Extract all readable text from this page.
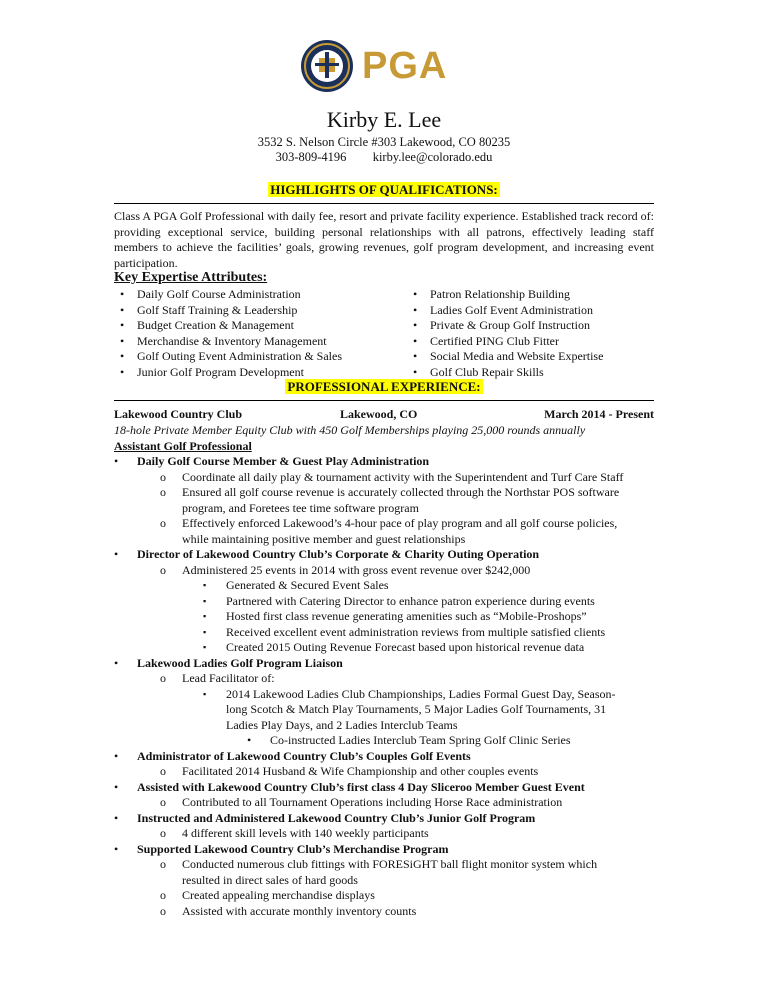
PGA
Kirby E. Lee
3532 S. Nelson Circle #303 Lakewood, CO 80235
303-809-4196 kirby.lee@colorado.edu
HIGHLIGHTS OF QUALIFICATIONS:
Class A PGA Golf Professional with daily fee, resort and private facility experience. Established track record of: providing exceptional service, building personal relationships with all patrons, effectively leading staff members to achieve the facilities’ goals, growing revenues, golf program development, and increasing event participation.
Key Expertise Attributes:
• Daily Golf Course Administration
• Golf Staff Training & Leadership
• Budget Creation & Management
• Merchandise & Inventory Management
• Golf Outing Event Administration & Sales
• Junior Golf Program Development
• Patron Relationship Building
• Ladies Golf Event Administration
• Private & Group Golf Instruction
• Certified PING Club Fitter
• Social Media and Website Expertise
• Golf Club Repair Skills
PROFESSIONAL EXPERIENCE:
Lakewood Country Club	Lakewood, CO	March 2014 - Present
18-hole Private Member Equity Club with 450 Golf Memberships playing 25,000 rounds annually
Assistant Golf Professional
• Daily Golf Course Member & Guest Play Administration
o Coordinate all daily play & tournament activity with the Superintendent and Turf Care Staff
o Ensured all golf course revenue is accurately collected through the Northstar POS software
program, and Foretees tee time software program
o Effectively enforced Lakewood’s 4-hour pace of play program and all golf course policies,
while maintaining positive member and guest relationships
• Director of Lakewood Country Club’s Corporate & Charity Outing Operation
o Administered 25 events in 2014 with gross event revenue over $242,000
▪ Generated & Secured Event Sales
▪ Partnered with Catering Director to enhance patron experience during events
▪ Hosted first class revenue generating amenities such as “Mobile-Proshops”
▪ Received excellent event administration reviews from multiple satisfied clients
▪ Created 2015 Outing Revenue Forecast based upon historical revenue data
• Lakewood Ladies Golf Program Liaison
o Lead Facilitator of:
▪ 2014 Lakewood Ladies Club Championships, Ladies Formal Guest Day, Season-
long Scotch & Match Play Tournaments, 5 Major Ladies Golf Tournaments, 31
Ladies Play Days, and 2 Ladies Interclub Teams
• Co-instructed Ladies Interclub Team Spring Golf Clinic Series
• Administrator of Lakewood Country Club’s Couples Golf Events
o Facilitated 2014 Husband & Wife Championship and other couples events
• Assisted with Lakewood Country Club’s first class 4 Day Sliceroo Member Guest Event
o Contributed to all Tournament Operations including Horse Race administration
• Instructed and Administered Lakewood Country Club’s Junior Golf Program
o 4 different skill levels with 140 weekly participants
• Supported Lakewood Country Club’s Merchandise Program
o Conducted numerous club fittings with FORESiGHT ball flight monitor system which
resulted in direct sales of hard goods
o Created appealing merchandise displays
o Assisted with accurate monthly inventory counts
